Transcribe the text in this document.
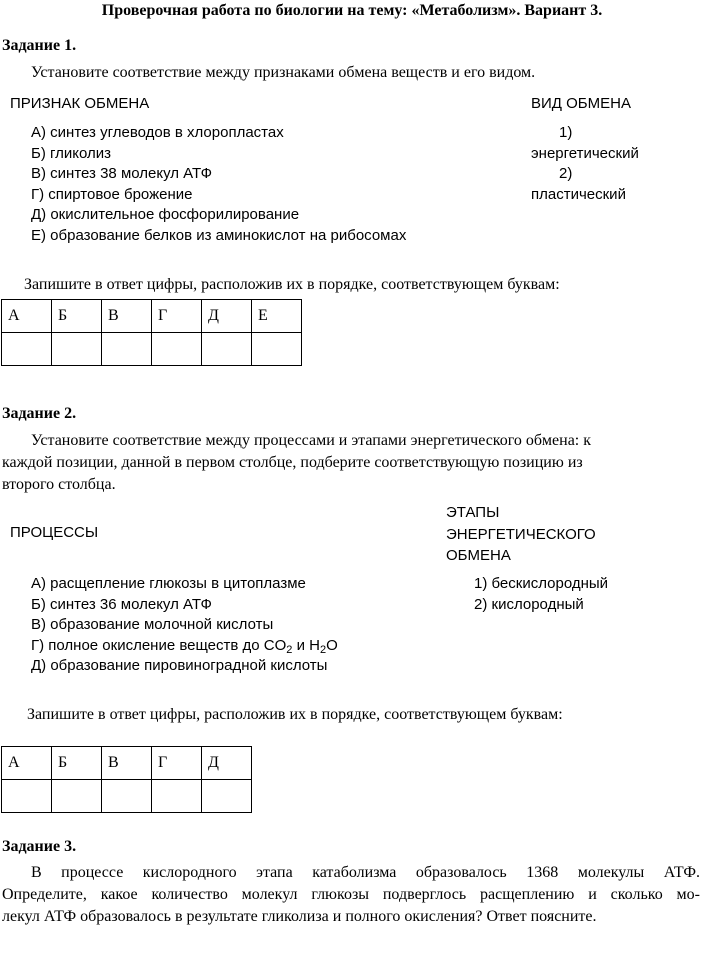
Проверочная работа по биологии на тему: «Метаболизм». Вариант 3.
Задание 1.
Установите соответствие между признаками обмена веществ и его видом.
ПРИЗНАК ОБМЕНА	ВИД ОБМЕНА
А) синтез углеводов в хлоропластах
Б) гликолиз
В) синтез 38 молекул АТФ
Г) спиртовое брожение
Д) окислительное фосфорилирование
Е) образование белков из аминокислот на рибосомах
1)
энергетический
2)
пластический
Запишите в ответ цифры, расположив их в порядке, соответствующем буквам:
А	Б	В	Г	Д	Е

Задание 2.
Установите соответствие между процессами и этапами энергетического обмена: к
каждой позиции, данной в первом столбце, подберите соответствующую позицию из
второго столбца.
ПРОЦЕССЫ
ЭТАПЫ
ЭНЕРГЕТИЧЕСКОГО
ОБМЕНА
А) расщепление глюкозы в цитоплазме
Б) синтез 36 молекул АТФ
В) образование молочной кислоты
Г) полное окисление веществ до $CO_2$ и $H_2O$
Д) образование пировиноградной кислоты
1) бескислородный
2) кислородный
Запишите в ответ цифры, расположив их в порядке, соответствующем буквам:
А	Б	В	Г	Д

Задание 3.
В процессе кислородного этапа катаболизма образовалось 1368 молекулы АТФ.
Определите, какое количество молекул глюкозы подверглось расщеплению и сколько мо-
лекул АТФ образовалось в результате гликолиза и полного окисления? Ответ поясните.
